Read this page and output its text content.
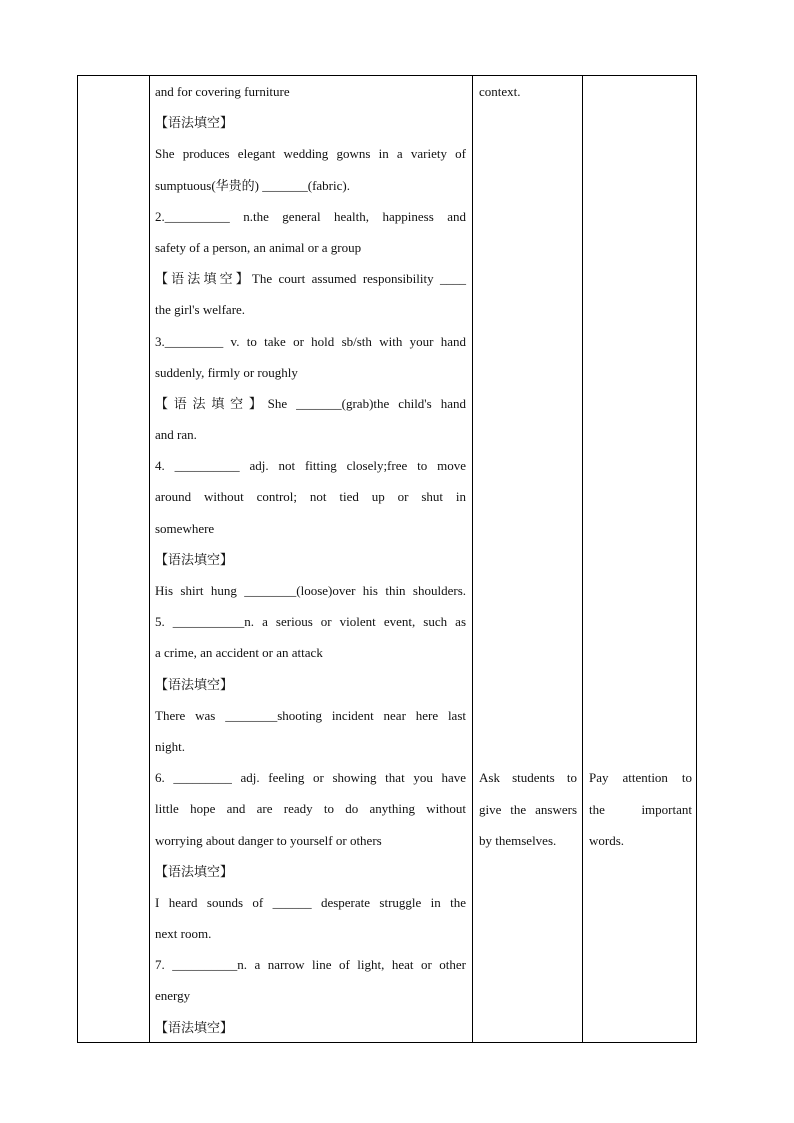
and for covering furniture
【语法填空】
She produces elegant wedding gowns in a variety of
sumptuous(华贵的) _______(fabric).
2.__________ n.the general health, happiness and
safety of a person, an animal or a group
【语法填空】The court assumed responsibility ____
the girl's welfare.
3._________ v. to take or hold sb/sth with your hand
suddenly, firmly or roughly
【语法填空】She _______(grab)the child's hand
and ran.
4. __________ adj. not fitting closely;free to move
around without control; not tied up or shut in
somewhere
【语法填空】
His shirt hung ________(loose)over his thin shoulders.
5. ___________n. a serious or violent event, such as
a crime, an accident or an attack
【语法填空】
There was ________shooting incident near here last
night.
6. _________ adj. feeling or showing that you have
little hope and are ready to do anything without
worrying about danger to yourself or others
【语法填空】
I heard sounds of ______ desperate struggle in the
next room.
7. __________n. a narrow line of light, heat or other
energy
【语法填空】
context.
Ask students to
give the answers
by themselves.
Pay attention to
the important
words.
